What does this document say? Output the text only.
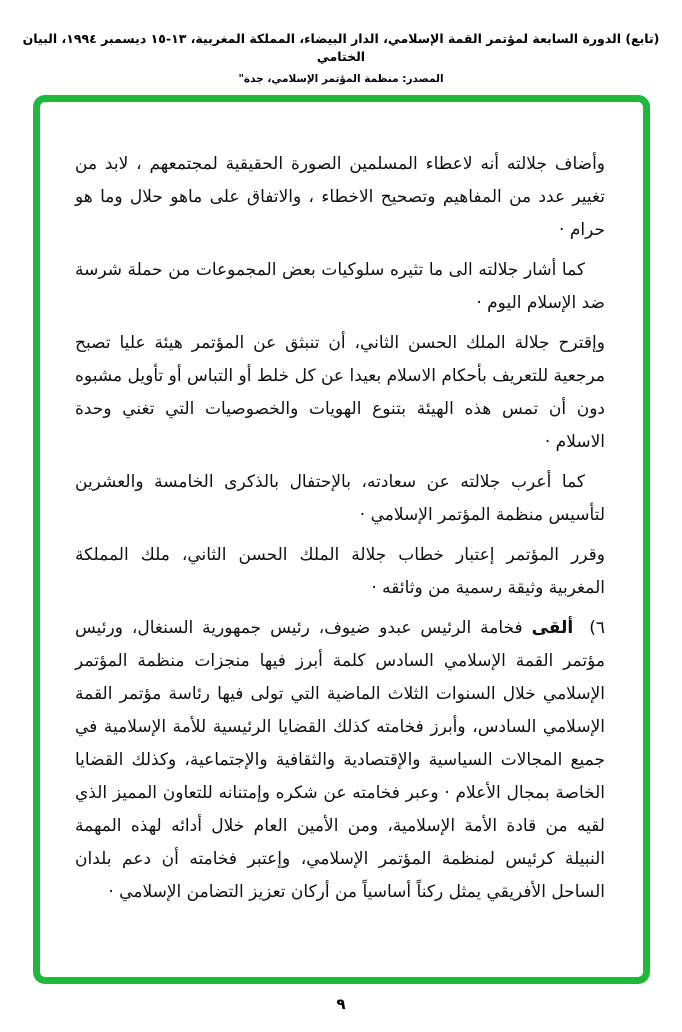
(تابع) الدورة السابعة لمؤتمر القمة الإسلامي، الدار البيضاء، المملكة المغربية، ١٣-١٥ ديسمبر ١٩٩٤، البيان الختامي
المصدر: منظمة المؤتمر الإسلامي، جدة"

وأضاف جلالته أنه لاعطاء المسلمين الصورة الحقيقية لمجتمعهم ، لابد من تغيير عدد من المفاهيم وتصحيح الاخطاء ، والاتفاق على ماهو حلال وما هو حرام ·

كما أشار جلالته الى ما تثيره سلوكيات بعض المجموعات من حملة شرسة ضد الإسلام اليوم ·

وإقترح جلالة الملك الحسن الثاني، أن تنبثق عن المؤتمر هيئة عليا تصبح مرجعية للتعريف بأحكام الاسلام بعيدا عن كل خلط أو التباس أو تأويل مشبوه دون أن تمس هذه الهيئة بتنوع الهويات والخصوصيات التي تغني وحدة الاسلام ·

كما أعرب جلالته عن سعادته، بالإحتفال بالذكرى الخامسة والعشرين لتأسيس منظمة المؤتمر الإسلامي ·

وقرر المؤتمر إعتبار خطاب جلالة الملك الحسن الثاني، ملك المملكة المغربية وثيقة رسمية من وثائقه ·

٦)ألقى فخامة الرئيس عبدو ضيوف، رئيس جمهورية السنغال، ورئيس مؤتمر القمة الإسلامي السادس كلمة أبرز فيها منجزات منظمة المؤتمر الإسلامي خلال السنوات الثلاث الماضية التي تولى فيها رئاسة مؤتمر القمة الإسلامي السادس، وأبرز فخامته كذلك القضايا الرئيسية للأمة الإسلامية في جميع المجالات السياسية والإقتصادية والثقافية والإجتماعية، وكذلك القضايا الخاصة بمجال الأعلام · وعبر فخامته عن شكره وإمتنانه للتعاون المميز الذي لقيه من قادة الأمة الإسلامية، ومن الأمين العام خلال أدائه لهذه المهمة النبيلة كرئيس لمنظمة المؤتمر الإسلامي، وإعتبر فخامته أن دعم بلدان الساحل الأفريقي يمثل ركناً أساسياً من أركان تعزيز التضامن الإسلامي ·

٩
